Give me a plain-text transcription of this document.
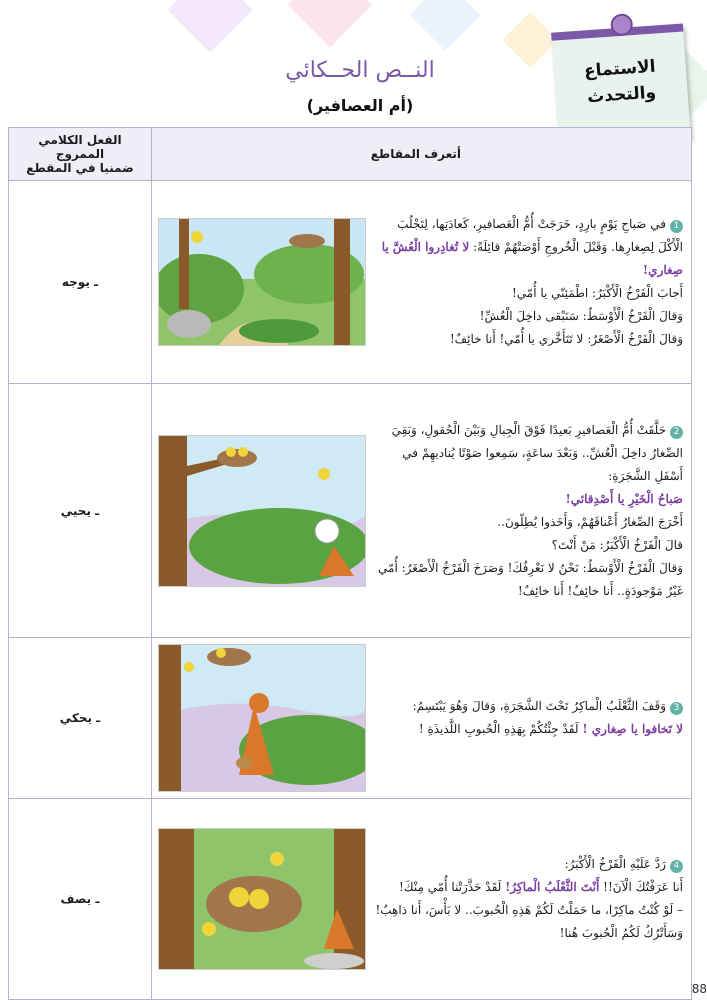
النــص الحــكائي
(أم العصافير)
الاستماع
والتحدث
الفعل الكلامي الممروج
ضمنيا في المقطع	أتعرف المقاطع
ـ يوجه	1في صَباحِ يَوْمٍ بارِدٍ، خَرَجَتْ أُمُّ الْعَصافيرِ، كَعادَتِها، لِتَجْلُبَ الْأَكْلَ لِصِغارِها. وَقَبْلَ الْخُروجِ أَوْصَتْهُمْ قائِلَةً: لا تُغادِروا الْعُشَّ يا صِغاري!
أَجابَ الْفَرْخُ الْأَكْبَرُ: اطْمَئِنّي يا أُمّي!
وَقالَ الْفَرْخُ الْأَوْسَطُ: سَنَبْقى داخِلَ الْعُشِّ!
وَقالَ الْفَرْخُ الْأَصْغَرُ: لا تَتَأَخَّري يا أُمّي! أَنا خائِفٌ!

ـ يحيي	2حَلَّقَتْ أُمُّ الْعَصافيرِ بَعيدًا فَوْقَ الْجِبالِ وَبَيْنَ الْحُقولِ، وَبَقِيَ الصِّغارُ داخِلَ الْعُشِّ.. وَبَعْدَ ساعَةٍ، سَمِعوا صَوْتًا يُناديهِمْ في أَسْفَلِ الشَّجَرَةِ:
صَباحُ الْخَيْرِ يا أَصْدِقائي!
أَخْرَجَ الصِّغارُ أَعْناقَهُمْ، وَأَخَذوا يُطِلّونَ..
قالَ الْفَرْخُ الْأَكْبَرُ: مَنْ أَنْتَ؟
وَقالَ الْفَرْخُ الْأَوْسَطُ: نَحْنُ لا نَعْرِفُكَ! وَصَرَخَ الْفَرْخُ الْأَصْغَرُ: أُمّي غَيْرُ مَوْجودَةٍ.. أَنا خائِفٌ! أَنا خائِفٌ!

ـ يحكي	3وَقَفَ الثَّعْلَبُ الْماكِرُ تَحْتَ الشَّجَرَةِ، وَقالَ وَهُوَ يَبْتَسِمُ:
لا تَخافوا يا صِغاري ! لَقَدْ جِئْتُكُمْ بِهَذِهِ الْحُبوبِ اللَّذيذَةِ !

ـ يصف	4رَدَّ عَلَيْهِ الْفَرْخُ الْأَكْبَرُ:
أَنا عَرَفْتُكَ الْآنَ!! أَنْتَ الثَّعْلَبُ الْماكِرُ! لَقَدْ حَذَّرَتْنا أُمّي مِنْكَ!
– لَوْ كُنْتُ ماكِرًا، ما حَمَلْتُ لَكُمْ هَذِهِ الْحُبوبَ.. لا بَأْسَ، أَنا ذاهِبٌ! وَسَأَتْرُكُ لَكُمُ الْحُبوبَ هُنا!
88
